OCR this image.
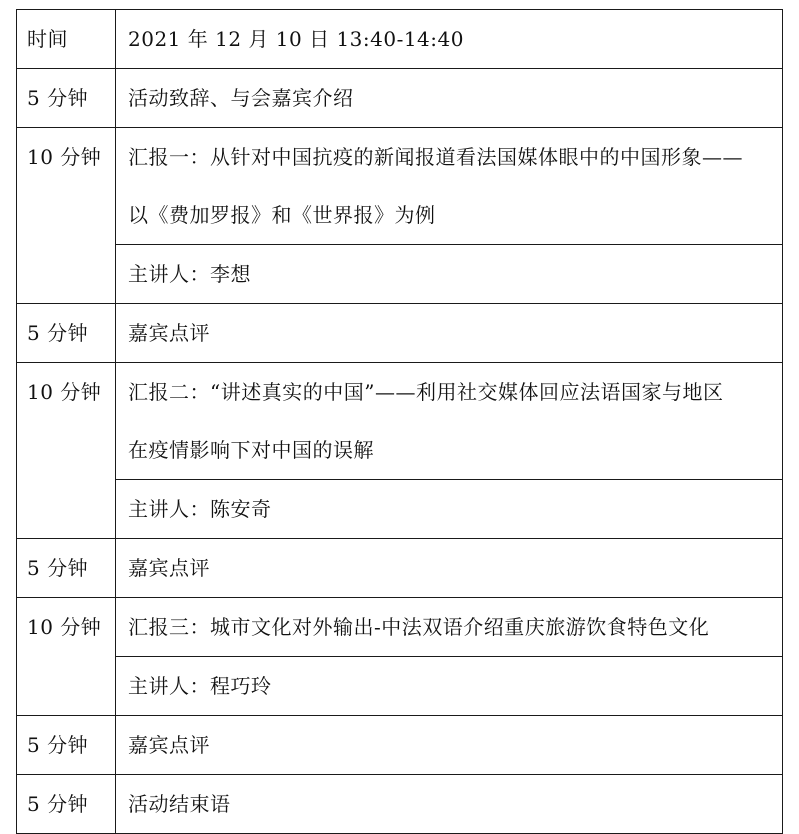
时间	2021 年 12 月 10 日 13:40-14:40
5 分钟	活动致辞、与会嘉宾介绍
10 分钟	汇报一：从针对中国抗疫的新闻报道看法国媒体眼中的中国形象——
以《费加罗报》和《世界报》为例

	主讲人：李想
5 分钟	嘉宾点评
10 分钟	汇报二：“讲述真实的中国”——利用社交媒体回应法语国家与地区
在疫情影响下对中国的误解

	主讲人：陈安奇
5 分钟	嘉宾点评
10 分钟	汇报三：城市文化对外输出-中法双语介绍重庆旅游饮食特色文化
	主讲人：程巧玲
5 分钟	嘉宾点评
5 分钟	活动结束语
